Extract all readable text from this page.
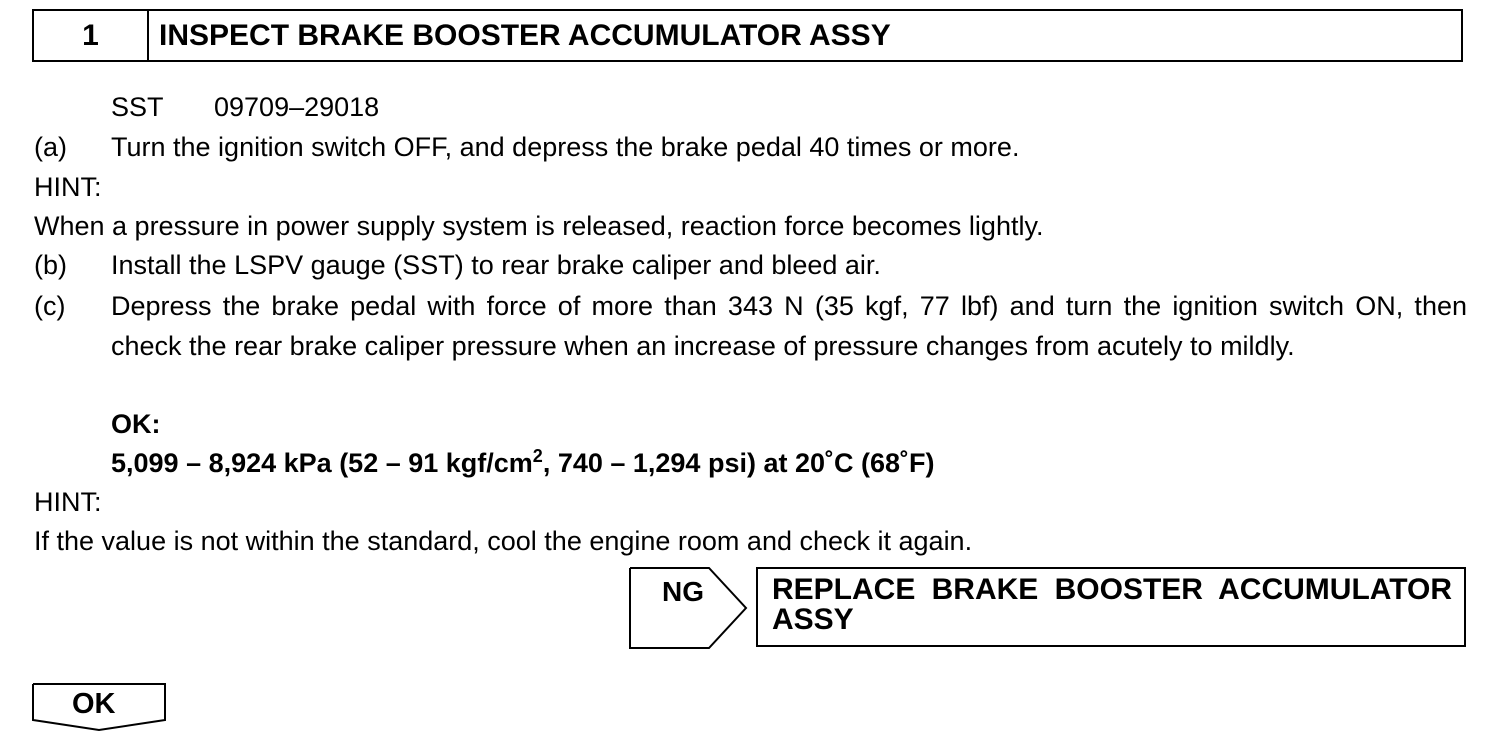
1	INSPECT BRAKE BOOSTER ACCUMULATOR ASSY
SST 09709–29018
(a) Turn the ignition switch OFF, and depress the brake pedal 40 times or more.
HINT:
When a pressure in power supply system is released, reaction force becomes lightly.
(b) Install the LSPV gauge (SST) to rear brake caliper and bleed air.
(c) Depress the brake pedal with force of more than 343 N (35 kgf, 77 lbf) and turn the ignition switch ON, then check the rear brake caliper pressure when an increase of pressure changes from acutely to mildly.
OK:
5,099 – 8,924 kPa (52 – 91 kgf/$cm^2$, 740 – 1,294 psi) at 20˚C (68˚F)
HINT:
If the value is not within the standard, cool the engine room and check it again.
NG REPLACE BRAKE BOOSTER ACCUMULATOR ASSY
OK
